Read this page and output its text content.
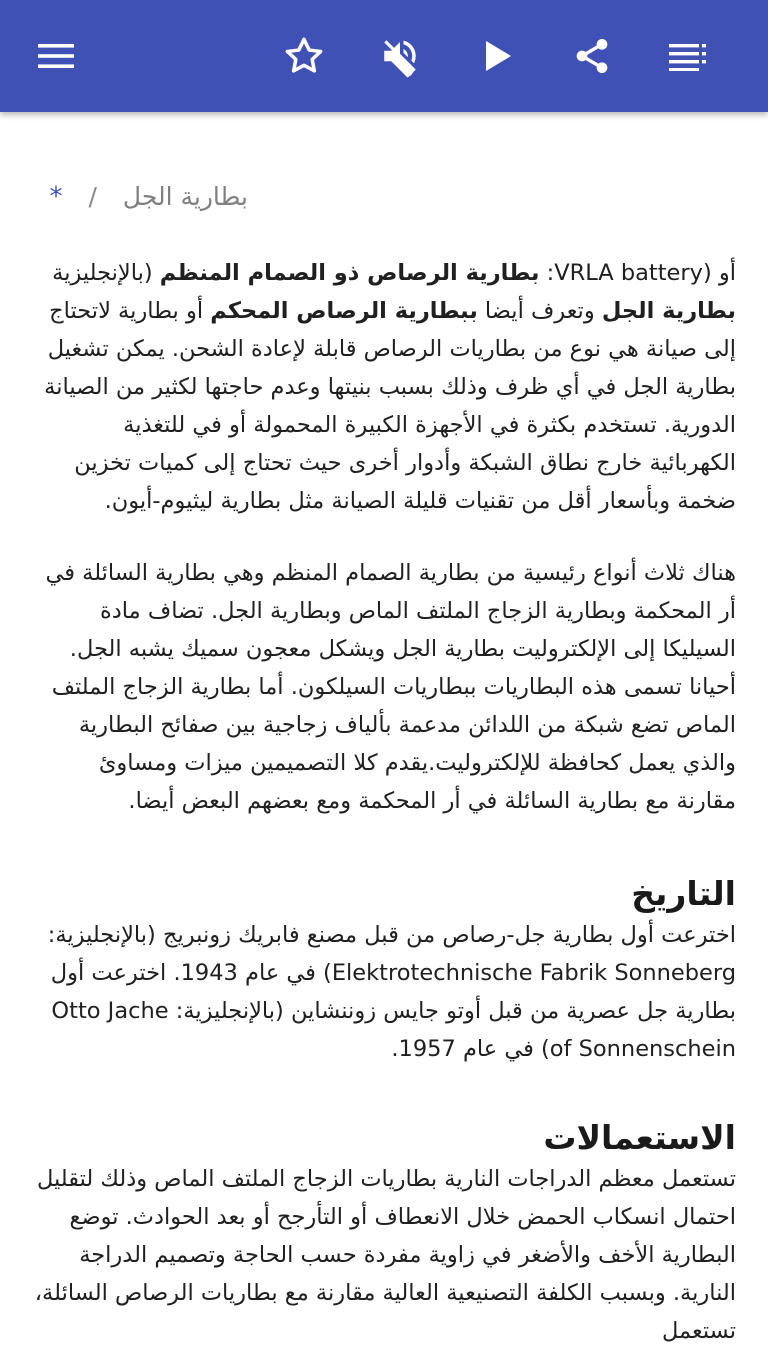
بطارية الجل/*

أو (VRLA battery: بطارية الرصاص ذو الصمام المنظم (بالإنجليزية بطارية الجل وتعرف أيضا ببطارية الرصاص المحكم أو بطارية لاتحتاج إلى صيانة هي نوع من بطاريات الرصاص قابلة لإعادة الشحن. يمكن تشغيل بطارية الجل في أي ظرف وذلك بسبب بنيتها وعدم حاجتها لكثير من الصيانة الدورية. تستخدم بكثرة في الأجهزة الكبيرة المحمولة أو في للتغذية الكهربائية خارج نطاق الشبكة وأدوار أخرى حيث تحتاج إلى كميات تخزين ضخمة وبأسعار أقل من تقنيات قليلة الصيانة مثل بطارية ليثيوم-أيون.

هناك ثلاث أنواع رئيسية من بطارية الصمام المنظم وهي بطارية السائلة في أر المحكمة وبطارية الزجاج الملتف الماص وبطارية الجل. تضاف مادة السيليكا إلى الإلكتروليت بطارية الجل ويشكل معجون سميك يشبه الجل. أحيانا تسمى هذه البطاريات ببطاريات السيلكون. أما بطارية الزجاج الملتف الماص تضع شبكة من اللدائن مدعمة بألياف زجاجية بين صفائح البطارية والذي يعمل كحافظة للإلكتروليت.يقدم كلا التصميمين ميزات ومساوئ مقارنة مع بطارية السائلة في أر المحكمة ومع بعضهم البعض أيضا.

التاريخ

اخترعت أول بطارية جل-رصاص من قبل مصنع فابريك زونبريج (بالإنجليزية: Elektrotechnische Fabrik Sonneberg) في عام 1943. اخترعت أول بطارية جل عصرية من قبل أوتو جايس زوننشاين (بالإنجليزية: Otto Jache of Sonnenschein) في عام 1957.

الاستعمالات

تستعمل معظم الدراجات النارية بطاريات الزجاج الملتف الماص وذلك لتقليل احتمال انسكاب الحمض خلال الانعطاف أو التأرجح أو بعد الحوادث. توضع البطارية الأخف والأضغر في زاوية مفردة حسب الحاجة وتصميم الدراجة النارية. وبسبب الكلفة التصنيعية العالية مقارنة مع بطاريات الرصاص السائلة، تستعمل
